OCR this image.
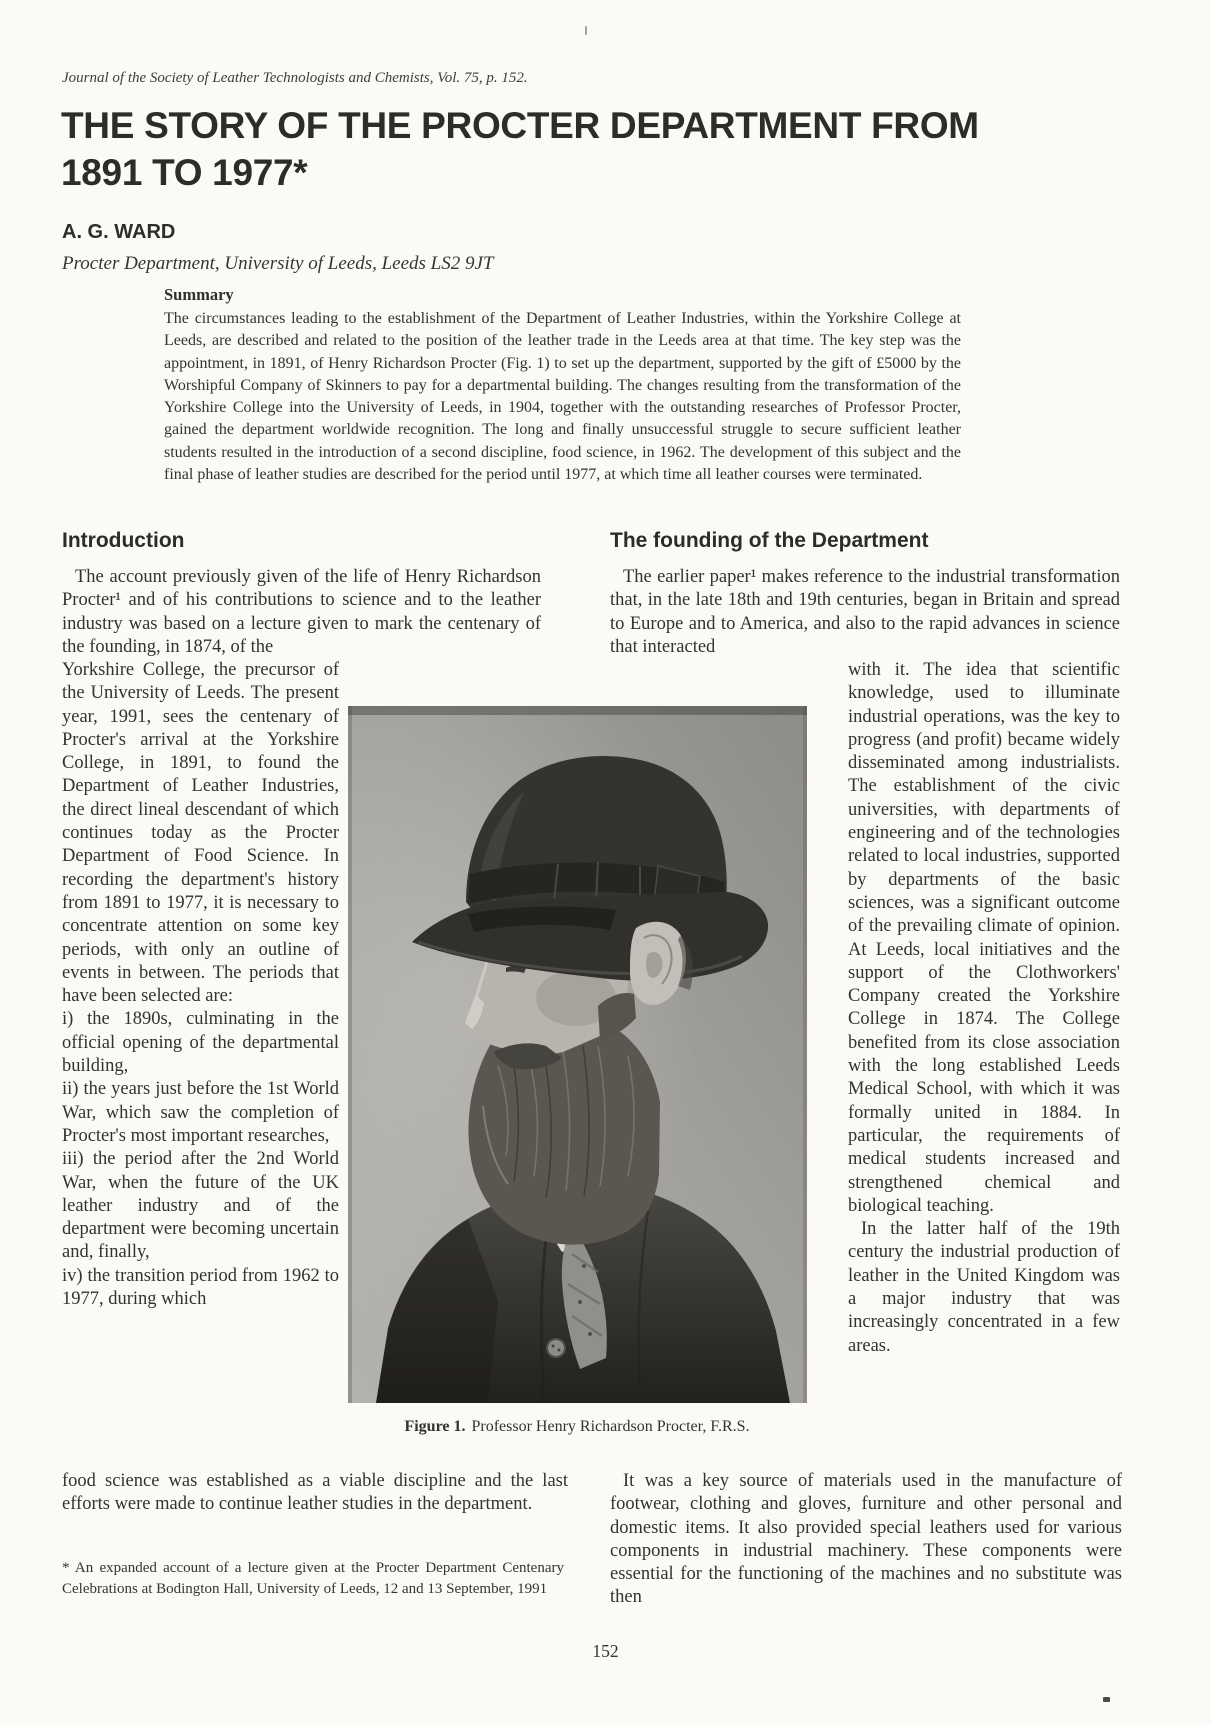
Journal of the Society of Leather Technologists and Chemists, Vol. 75, p. 152.
THE STORY OF THE PROCTER DEPARTMENT FROM 1891 TO 1977*
A. G. WARD
Procter Department, University of Leeds, Leeds LS2 9JT
Summary

The circumstances leading to the establishment of the Department of Leather Industries, within the Yorkshire College at Leeds, are described and related to the position of the leather trade in the Leeds area at that time. The key step was the appointment, in 1891, of Henry Richardson Procter (Fig. 1) to set up the department, supported by the gift of £5000 by the Worshipful Company of Skinners to pay for a departmental building. The changes resulting from the transformation of the Yorkshire College into the University of Leeds, in 1904, together with the outstanding researches of Professor Procter, gained the department worldwide recognition. The long and finally unsuccessful struggle to secure sufficient leather students resulted in the introduction of a second discipline, food science, in 1962. The development of this subject and the final phase of leather studies are described for the period until 1977, at which time all leather courses were terminated.

Introduction

The account previously given of the life of Henry Richardson Procter¹ and of his contributions to science and to the leather industry was based on a lecture given to mark the centenary of the founding, in 1874, of the

Yorkshire College, the precursor of the University of Leeds. The present year, 1991, sees the centenary of Procter's arrival at the Yorkshire College, in 1891, to found the Department of Leather Industries, the direct lineal descendant of which continues today as the Procter Department of Food Science. In recording the department's history from 1891 to 1977, it is necessary to concentrate attention on some key periods, with only an outline of events in between. The periods that have been selected are:

i) the 1890s, culminating in the official opening of the departmental building,

ii) the years just before the 1st World War, which saw the completion of Procter's most important researches,

iii) the period after the 2nd World War, when the future of the UK leather industry and of the department were becoming uncertain and, finally,

iv) the transition period from 1962 to 1977, during which

food science was established as a viable discipline and the last efforts were made to continue leather studies in the department.

* An expanded account of a lecture given at the Procter Department Centenary Celebrations at Bodington Hall, University of Leeds, 12 and 13 September, 1991
The founding of the Department

The earlier paper¹ makes reference to the industrial transformation that, in the late 18th and 19th centuries, began in Britain and spread to Europe and to America, and also to the rapid advances in science that interacted

with it. The idea that scientific knowledge, used to illuminate industrial operations, was the key to progress (and profit) became widely disseminated among industrialists. The establishment of the civic universities, with departments of engineering and of the technologies related to local industries, supported by departments of the basic sciences, was a significant outcome of the prevailing climate of opinion. At Leeds, local initiatives and the support of the Clothworkers' Company created the Yorkshire College in 1874. The College benefited from its close association with the long established Leeds Medical School, with which it was formally united in 1884. In particular, the requirements of medical students increased and strengthened chemical and biological teaching.

In the latter half of the 19th century the industrial production of leather in the United Kingdom was a major industry that was increasingly concentrated in a few areas.

It was a key source of materials used in the manufacture of footwear, clothing and gloves, furniture and other personal and domestic items. It also provided special leathers used for various components in industrial machinery. These components were essential for the functioning of the machines and no substitute was then

Figure 1. Professor Henry Richardson Procter, F.R.S.
152
